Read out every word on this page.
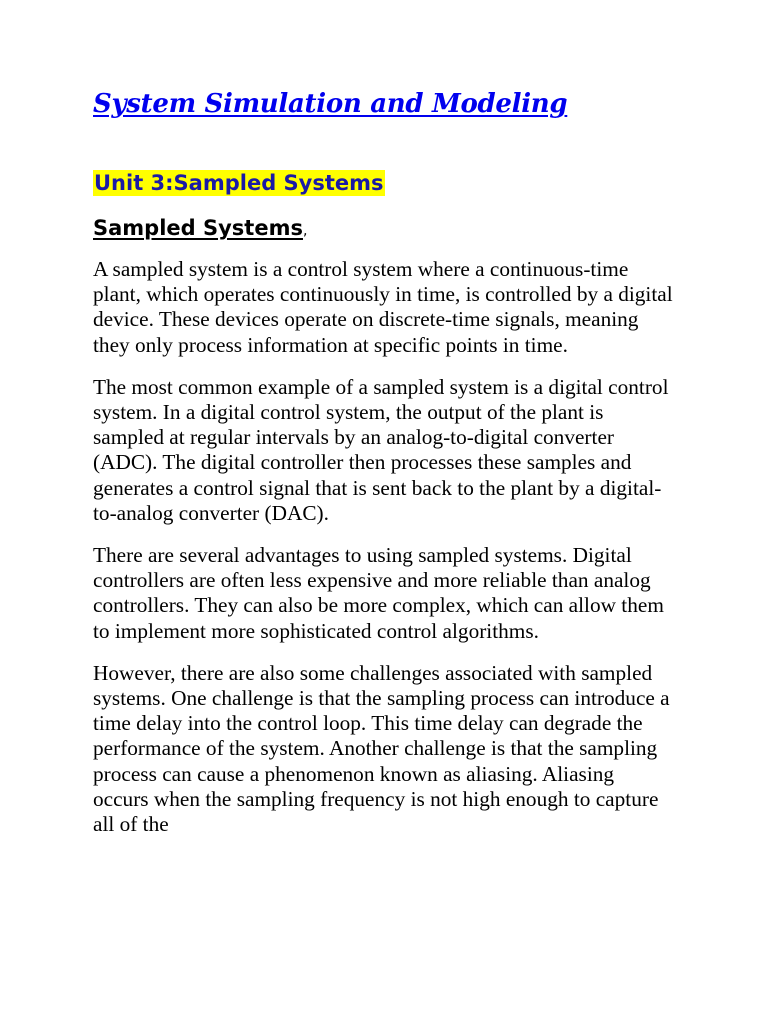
System Simulation and Modeling
Unit 3:Sampled Systems
Sampled Systems,

A sampled system is a control system where a continuous-time plant, which operates continuously in time, is controlled by a digital device. These devices operate on discrete-time signals, meaning they only process information at specific points in time.

The most common example of a sampled system is a digital control system. In a digital control system, the output of the plant is sampled at regular intervals by an analog-to-digital converter (ADC). The digital controller then processes these samples and generates a control signal that is sent back to the plant by a digital-to-analog converter (DAC).

There are several advantages to using sampled systems. Digital controllers are often less expensive and more reliable than analog controllers. They can also be more complex, which can allow them to implement more sophisticated control algorithms.

However, there are also some challenges associated with sampled systems. One challenge is that the sampling process can introduce a time delay into the control loop. This time delay can degrade the performance of the system. Another challenge is that the sampling process can cause a phenomenon known as aliasing. Aliasing occurs when the sampling frequency is not high enough to capture all of the
